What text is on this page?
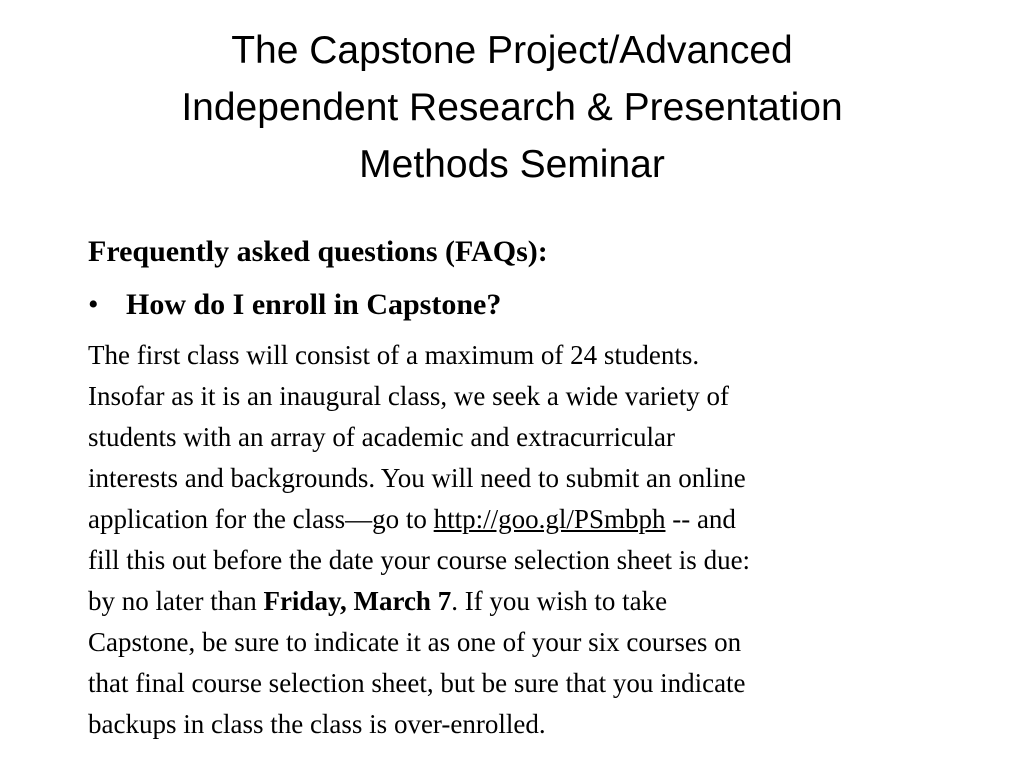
The Capstone Project/Advanced
Independent Research & Presentation
Methods Seminar

Frequently asked questions (FAQs):

• How do I enroll in Capstone?

The first class will consist of a maximum of 24 students.
Insofar as it is an inaugural class, we seek a wide variety of
students with an array of academic and extracurricular
interests and backgrounds. You will need to submit an online
application for the class—go to http://goo.gl/PSmbph -- and
fill this out before the date your course selection sheet is due:
by no later than Friday, March 7. If you wish to take
Capstone, be sure to indicate it as one of your six courses on
that final course selection sheet, but be sure that you indicate
backups in class the class is over-enrolled.
